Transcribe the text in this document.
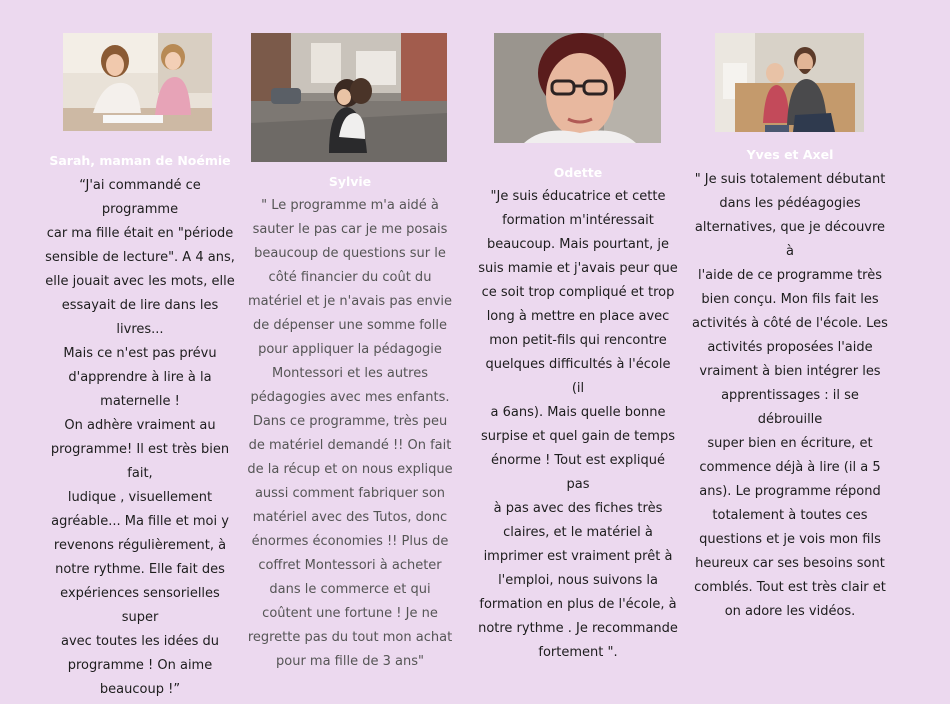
Sarah, maman de Noémie
“J'ai commandé ce programme
car ma fille était en "période
sensible de lecture". A 4 ans,
elle jouait avec les mots, elle
essayait de lire dans les livres...
Mais ce n'est pas prévu
d'apprendre à lire à la
maternelle !
On adhère vraiment au
programme! Il est très bien fait,
ludique , visuellement
agréable... Ma fille et moi y
revenons régulièrement, à
notre rythme. Elle fait des
expériences sensorielles super
avec toutes les idées du
programme ! On aime
beaucoup !”
Sylvie
" Le programme m'a aidé à
sauter le pas car je me posais
beaucoup de questions sur le
côté financier du coût du
matériel et je n'avais pas envie
de dépenser une somme folle
pour appliquer la pédagogie
Montessori et les autres
pédagogies avec mes enfants.
Dans ce programme, très peu
de matériel demandé !! On fait
de la récup et on nous explique
aussi comment fabriquer son
matériel avec des Tutos, donc
énormes économies !! Plus de
coffret Montessori à acheter
dans le commerce et qui
coûtent une fortune ! Je ne
regrette pas du tout mon achat
pour ma fille de 3 ans"
Odette
"Je suis éducatrice et cette
formation m'intéressait
beaucoup. Mais pourtant, je
suis mamie et j'avais peur que
ce soit trop compliqué et trop
long à mettre en place avec
mon petit-fils qui rencontre
quelques difficultés à l'école (il
a 6ans). Mais quelle bonne
surpise et quel gain de temps
énorme ! Tout est expliqué pas
à pas avec des fiches très
claires, et le matériel à
imprimer est vraiment prêt à
l'emploi, nous suivons la
formation en plus de l'école, à
notre rythme . Je recommande
fortement ".
Yves et Axel
" Je suis totalement débutant
dans les pédéagogies
alternatives, que je découvre à
l'aide de ce programme très
bien conçu. Mon fils fait les
activités à côté de l'école. Les
activités proposées l'aide
vraiment à bien intégrer les
apprentissages : il se débrouille
super bien en écriture, et
commence déjà à lire (il a 5
ans). Le programme répond
totalement à toutes ces
questions et je vois mon fils
heureux car ses besoins sont
comblés. Tout est très clair et
on adore les vidéos.
